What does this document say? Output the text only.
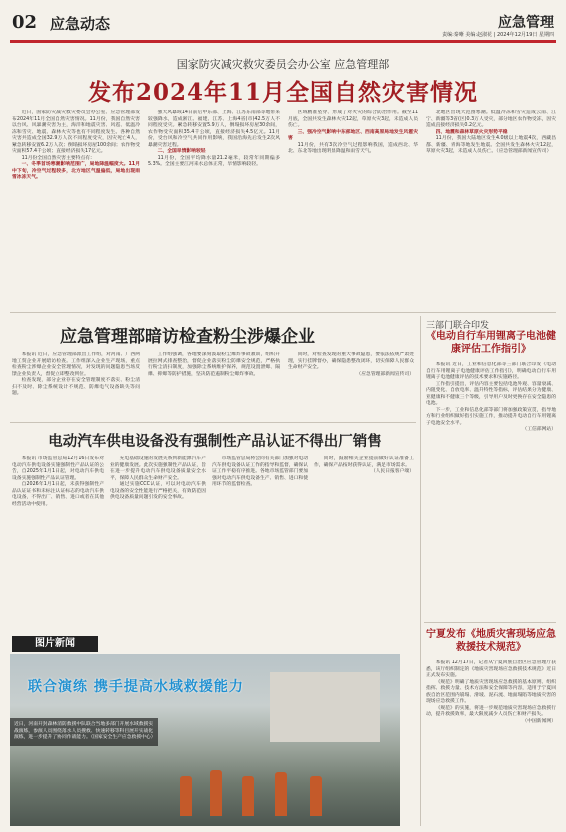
02 应急动态	应急管理
责编:秦晰 美编:赵淑花 | 2024年12月19日 星期四
国家防灾减灾救灾委员会办公室 应急管理部
发布2024年11月全国自然灾害情况

近日，国家防灾减灾救灾委员会办公室、应急管理部发布2024年11月全国自然灾害情况。11月份，我国自然灾害以台风、风暴潮灾害为主，海洋和地震灾害、风雹、低温冷冻和雪灾、地震、森林火灾等也有不同程度发生。各种自然灾害共造成全国32.9万人次不同程度受灾，因灾死亡4人，紧急转移安置6.2万人次；倒塌损坏房屋100余间；农作物受灾面积57.4千公顷；直接经济损失17亿元。

11月份全国自然灾害主要特点有：

一、冬季首场寒潮影响范围广，局地降温幅度大。11月中下旬，冷空气过程较多，北方地区气温偏低，局地出现雨雪冰冻天气。

强大风暴域14日前后中东部、上海、江苏东南部等地带来较强降水，造成浙江、福建、江苏、上海4省(市)42.5万人不同程度受灾。紧急转移安置5.9万人，倒塌损坏房屋30余间，农作物受灾面积35.4千公顷，直接经济损失4.5亿元。11月份，受台风和冷空气共同作用影响，我国沿海先后发生2次风暴潮灾害过程。

二、全国旱情影响较轻

11月份，全国平均降水量21.2毫米，较常年同期偏多5.3%。全国主要江河来水总体正常，旱情影响较轻。

区域精准坠穿、形成了对火灾的综合防治作用。截至11月底，全国共发生森林火灾12起，草原火灾3起，未造成人员伤亡。

三、强冷空气影响中东部地区、西南高原局地发生风雹灾害

11月份，共有3次冷空气过程影响我国，造成西北、华北、东北等地出现明显降温和雨雪天气。

北地区出现大范围寒潮。低温冷冻和雪灾造成云南、江宁、新疆等3省(区)0.3万人受灾，部分地区农作物受冻，因灾造成直接经济损失0.2亿元。

四、地震和森林草原火灾形势平稳

11月份，我国大陆地区发生4.0级以上地震4次，西藏昌都、新疆、青海等地发生地震。全国共发生森林火灾12起，草原火灾3起，未造成人员伤亡。（应急管理部新闻宣传司）

应急管理部暗访检查粉尘涉爆企业

本报讯 近日，应急管理部派出工作组，对河南、广西两地工贸企业开展暗访检查。工作组深入企业生产现场，重点检查粉尘涉爆企业安全管理情况，对发现的问题隐患当场反馈企业负责人，督促立即整改到位。

检查发现，部分企业存在安全管理制度不落实、粉尘清扫不及时、除尘系统设计不规范、防爆电气设备缺失等问题。

工作组强调，各地要深刻汲取粉尘爆炸事故教训，组织开展拉网式排查整治，督促企业落实粉尘防爆安全规范，严格执行粉尘清扫制度，加强除尘系统维护保养，规范设置泄爆、隔爆、抑爆等防护措施，坚决防范遏制粉尘爆炸事故。

同时，对检查发现的重大事故隐患，要依法依规严肃处理，实行挂牌督办，确保隐患整改闭环，切实保障人民群众生命财产安全。

（应急管理部新闻宣传司）

电动汽车供电设备没有强制性产品认证不得出厂销售

本报讯 市场监管总局12月16日发布对电动汽车供电设备实施强制性产品认证的公告，自2025年1月1日起，对电动汽车供电设备实施强制性产品认证管理。

自2026年1月1日起，未获得强制性产品认证证书和未标注认证标志的电动汽车供电设备，不得出厂、销售、进口或者在其他经营活动中使用。

充电基础设施的发展关系到新能源汽车产业的健康发展。此次实施强制性产品认证，旨在进一步提升电动汽车供电设备质量安全水平，保障人民群众生命财产安全。

通过实施CCC认证，可以对电动汽车供电设备的安全性能进行严格把关，有效防范因供电设备质量问题引发的安全事故。

市场监管总局将会同有关部门加强对电动汽车供电设备认证工作的指导和监督，确保认证工作平稳有序推进。各地市场监管部门要加强对电动汽车供电设备生产、销售、进口和使用环节的监督检查。

同时，鼓励相关企业提前做好认证准备工作，确保产品按时获得认证，满足市场需求。

（人民日报客户端）

联合演练 携手提高水域救援能力
图片新闻
近日，河南开封森林消防救援中队联合当地多部门开展水域救援实战演练，参演人员围绕落水人员搜救、快速转移等科目展开实战化演练，进一步提升了协同作战能力。（国家安全生产应急救援中心）
三部门联合印发
《电动自行车用锂离子电池健康评估工作指引》

本报讯 近日，工业和信息化部等三部门联合印发《电动自行车用锂离子电池健康评估工作指引》，明确电动自行车用锂离子电池健康评估的技术要求和实施路径。

工作指引提出，评估内容主要包括电池外观、容量衰减、内阻变化、自放电率、温升特性等指标，评估结果分为健康、亚健康和不健康三个等级，引导用户及时更换存在安全隐患的电池。

下一步，工业和信息化部等部门将加强政策宣贯，指导地方和行业组织做好指引实施工作，推动提升电动自行车用锂离子电池安全水平。

（工信部网站）

宁夏发布《地质灾害现场应急救援技术规范》

本报讯 12月17日，记者从宁夏回族自治区应急管理厅获悉，该厅组织制定的《地质灾害现场应急救援技术规范》近日正式发布实施。

《规范》明确了地质灾害现场应急救援的基本原则、组织指挥、救援力量、技术方法和安全保障等内容，适用于宁夏回族自治区范围内崩塌、滑坡、泥石流、地面塌陷等地质灾害的现场应急救援工作。

《规范》的实施，将进一步规范地质灾害现场应急救援行动，提升救援效率，最大限度减少人员伤亡和财产损失。

（中国新闻网）
